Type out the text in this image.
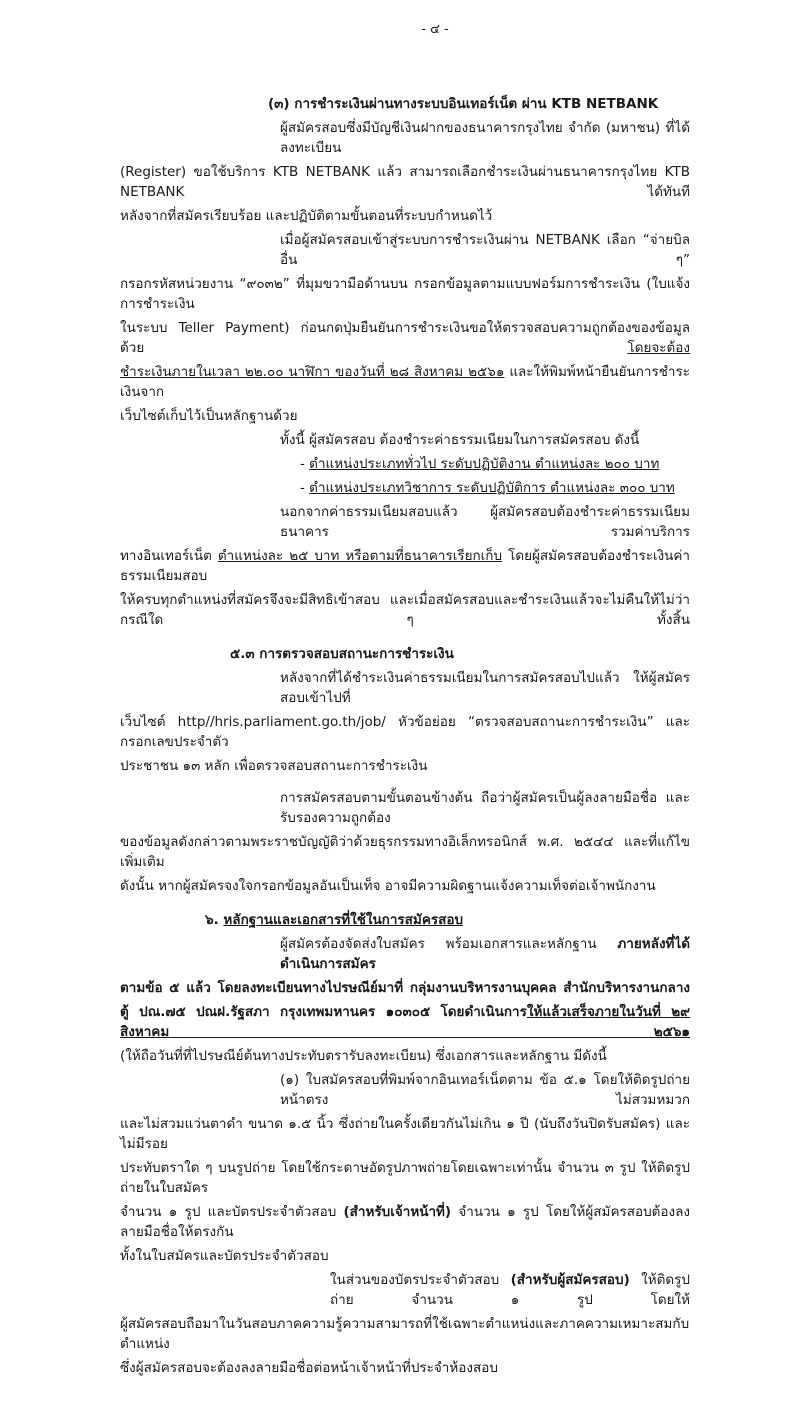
- ๔ -
(๓) การชำระเงินผ่านทางระบบอินเทอร์เน็ต ผ่าน KTB NETBANK
ผู้สมัครสอบซึ่งมีบัญชีเงินฝากของธนาคารกรุงไทย จำกัด (มหาชน) ที่ได้ลงทะเบียน
(Register) ขอใช้บริการ KTB NETBANK แล้ว สามารถเลือกชำระเงินผ่านธนาคารกรุงไทย KTB NETBANK ได้ทันที
หลังจากที่สมัครเรียบร้อย และปฏิบัติตามขั้นตอนที่ระบบกำหนดไว้
เมื่อผู้สมัครสอบเข้าสู่ระบบการชำระเงินผ่าน NETBANK เลือก “จ่ายบิลอื่น ๆ”
กรอกรหัสหน่วยงาน “๙๐๓๒” ที่มุมขวามือด้านบน กรอกข้อมูลตามแบบฟอร์มการชำระเงิน (ใบแจ้งการชำระเงิน
ในระบบ Teller Payment) ก่อนกดปุ่มยืนยันการชำระเงินขอให้ตรวจสอบความถูกต้องของข้อมูลด้วย โดยจะต้อง
ชำระเงินภายในเวลา ๒๒.๐๐ นาฬิกา ของวันที่ ๒๘ สิงหาคม ๒๕๖๑ และให้พิมพ์หน้ายืนยันการชำระเงินจาก
เว็บไซต์เก็บไว้เป็นหลักฐานด้วย
ทั้งนี้ ผู้สมัครสอบ ต้องชำระค่าธรรมเนียมในการสมัครสอบ ดังนี้
- ตำแหน่งประเภททั่วไป ระดับปฏิบัติงาน ตำแหน่งละ ๒๐๐ บาท
- ตำแหน่งประเภทวิชาการ ระดับปฏิบัติการ ตำแหน่งละ ๓๐๐ บาท
นอกจากค่าธรรมเนียมสอบแล้ว ผู้สมัครสอบต้องชำระค่าธรรมเนียมธนาคาร รวมค่าบริการ
ทางอินเทอร์เน็ต ตำแหน่งละ ๒๕ บาท หรือตามที่ธนาคารเรียกเก็บ โดยผู้สมัครสอบต้องชำระเงินค่าธรรมเนียมสอบ
ให้ครบทุกตำแหน่งที่สมัครจึงจะมีสิทธิเข้าสอบ และเมื่อสมัครสอบและชำระเงินแล้วจะไม่คืนให้ไม่ว่ากรณีใด ๆ ทั้งสิ้น
๕.๓ การตรวจสอบสถานะการชำระเงิน
หลังจากที่ได้ชำระเงินค่าธรรมเนียมในการสมัครสอบไปแล้ว ให้ผู้สมัครสอบเข้าไปที่
เว็บไซต์ http//hris.parliament.go.th/job/ หัวข้อย่อย “ตรวจสอบสถานะการชำระเงิน” และกรอกเลขประจำตัว
ประชาชน ๑๓ หลัก เพื่อตรวจสอบสถานะการชำระเงิน
การสมัครสอบตามขั้นตอนข้างต้น ถือว่าผู้สมัครเป็นผู้ลงลายมือชื่อ และรับรองความถูกต้อง
ของข้อมูลดังกล่าวตามพระราชบัญญัติว่าด้วยธุรกรรมทางอิเล็กทรอนิกส์ พ.ศ. ๒๕๔๔ และที่แก้ไขเพิ่มเติม
ดังนั้น หากผู้สมัครจงใจกรอกข้อมูลอันเป็นเท็จ อาจมีความผิดฐานแจ้งความเท็จต่อเจ้าพนักงาน
๖. หลักฐานและเอกสารที่ใช้ในการสมัครสอบ
ผู้สมัครต้องจัดส่งใบสมัคร พร้อมเอกสารและหลักฐาน ภายหลังที่ได้ดำเนินการสมัคร
ตามข้อ ๕ แล้ว โดยลงทะเบียนทางไปรษณีย์มาที่ กลุ่มงานบริหารงานบุคคล สำนักบริหารงานกลาง
ตู้ ปณ.๗๕ ปณฝ.รัฐสภา กรุงเทพมหานคร ๑๐๓๐๕ โดยดำเนินการให้แล้วเสร็จภายในวันที่ ๒๙ สิงหาคม ๒๕๖๑
(ให้ถือวันที่ที่ไปรษณีย์ต้นทางประทับตรารับลงทะเบียน) ซึ่งเอกสารและหลักฐาน มีดังนี้
(๑) ใบสมัครสอบที่พิมพ์จากอินเทอร์เน็ตตาม ข้อ ๕.๑ โดยให้ติดรูปถ่ายหน้าตรง ไม่สวมหมวก
และไม่สวมแว่นตาดำ ขนาด ๑.๕ นิ้ว ซึ่งถ่ายในครั้งเดียวกันไม่เกิน ๑ ปี (นับถึงวันปิดรับสมัคร) และไม่มีรอย
ประทับตราใด ๆ บนรูปถ่าย โดยใช้กระดาษอัดรูปภาพถ่ายโดยเฉพาะเท่านั้น จำนวน ๓ รูป ให้ติดรูปถ่ายในใบสมัคร
จำนวน ๑ รูป และบัตรประจำตัวสอบ (สำหรับเจ้าหน้าที่) จำนวน ๑ รูป โดยให้ผู้สมัครสอบต้องลงลายมือชื่อให้ตรงกัน
ทั้งในใบสมัครและบัตรประจำตัวสอบ
ในส่วนของบัตรประจำตัวสอบ (สำหรับผู้สมัครสอบ) ให้ติดรูปถ่าย จำนวน ๑ รูป โดยให้
ผู้สมัครสอบถือมาในวันสอบภาคความรู้ความสามารถที่ใช้เฉพาะตำแหน่งและภาคความเหมาะสมกับตำแหน่ง
ซึ่งผู้สมัครสอบจะต้องลงลายมือชื่อต่อหน้าเจ้าหน้าที่ประจำห้องสอบ
